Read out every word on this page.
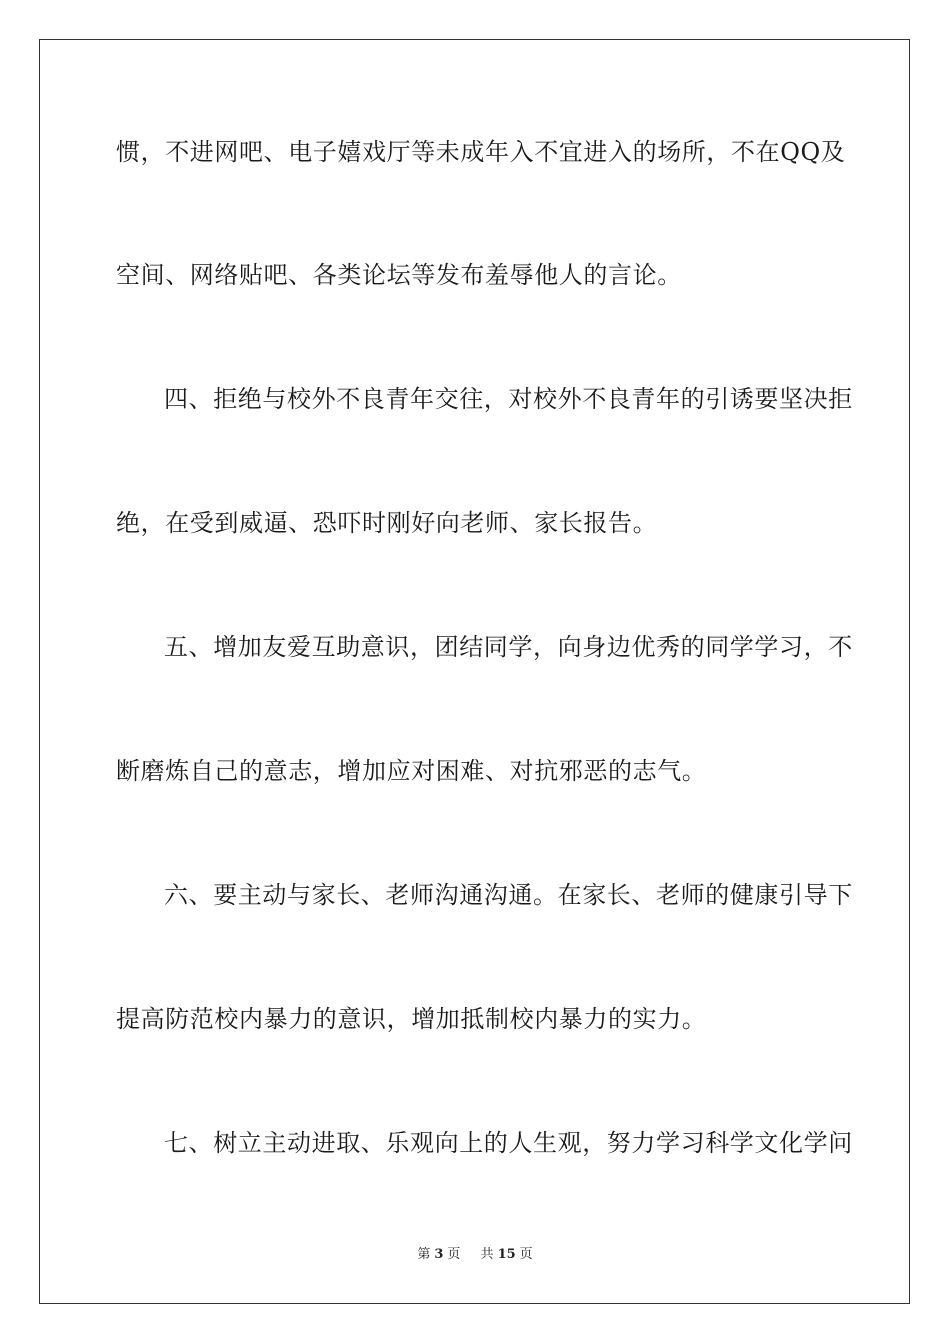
惯，不进网吧、电子嬉戏厅等未成年入不宜进入的场所，不在QQ及
空间、网络贴吧、各类论坛等发布羞辱他人的言论。
四、拒绝与校外不良青年交往，对校外不良青年的引诱要坚决拒
绝，在受到威逼、恐吓时刚好向老师、家长报告。
五、增加友爱互助意识，团结同学，向身边优秀的同学学习，不
断磨炼自己的意志，增加应对困难、对抗邪恶的志气。
六、要主动与家长、老师沟通沟通。在家长、老师的健康引导下
提高防范校内暴力的意识，增加抵制校内暴力的实力。
七、树立主动进取、乐观向上的人生观，努力学习科学文化学问
第 3 页 共 15 页
